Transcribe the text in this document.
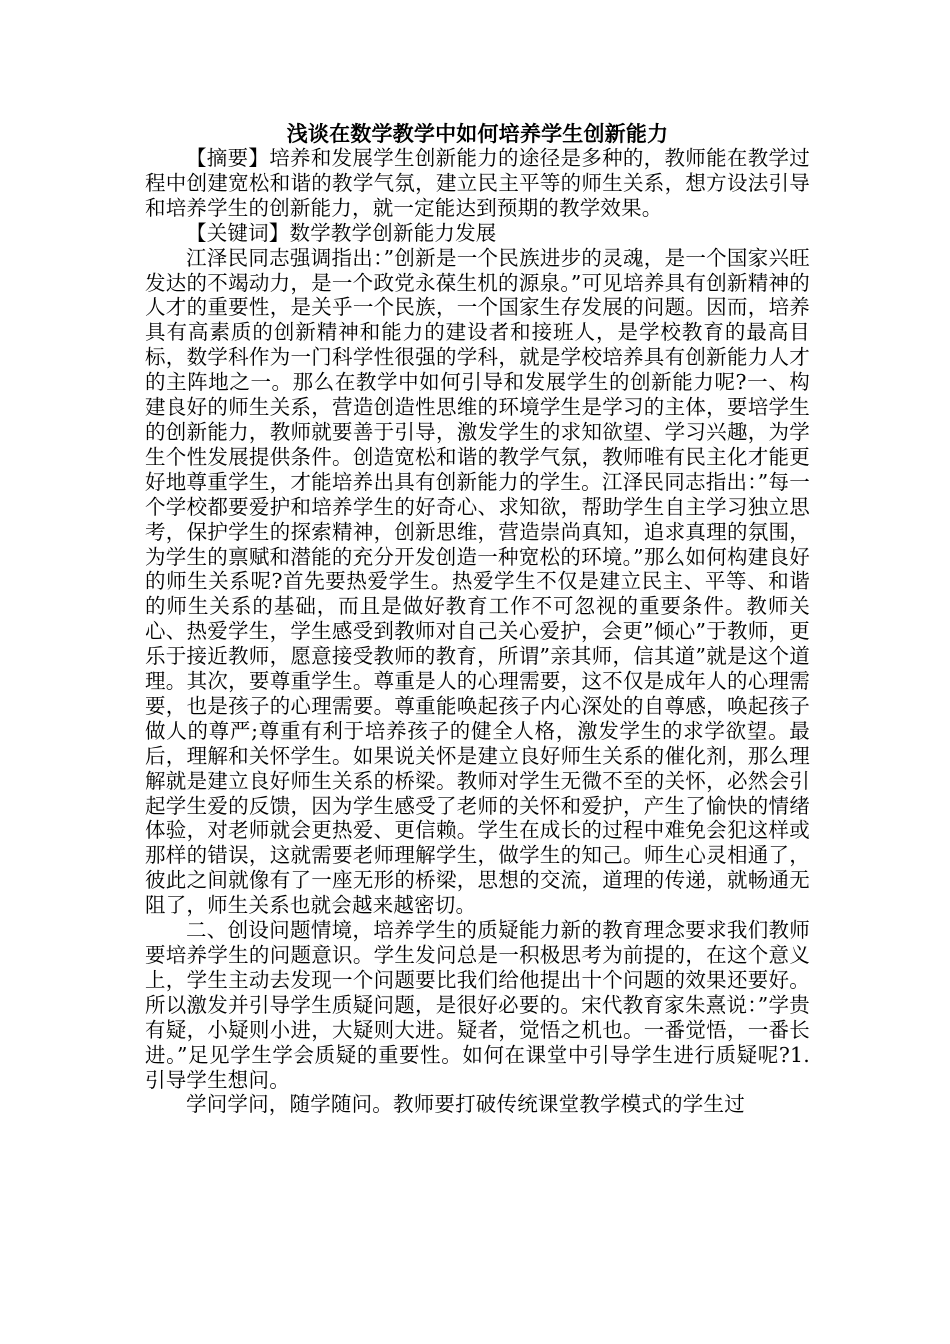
浅谈在数学教学中如何培养学生创新能力

【摘要】培养和发展学生创新能力的途径是多种的，教师能在教学过程中创建宽松和谐的教学气氛，建立民主平等的师生关系，想方设法引导和培养学生的创新能力，就一定能达到预期的教学效果。

【关键词】数学教学创新能力发展

江泽民同志强调指出：”创新是一个民族进步的灵魂，是一个国家兴旺发达的不竭动力，是一个政党永葆生机的源泉。”可见培养具有创新精神的人才的重要性，是关乎一个民族，一个国家生存发展的问题。因而，培养具有高素质的创新精神和能力的建设者和接班人，是学校教育的最高目标，数学科作为一门科学性很强的学科，就是学校培养具有创新能力人才的主阵地之一。那么在教学中如何引导和发展学生的创新能力呢?一、构建良好的师生关系，营造创造性思维的环境学生是学习的主体，要培学生的创新能力，教师就要善于引导，激发学生的求知欲望、学习兴趣，为学生个性发展提供条件。创造宽松和谐的教学气氛，教师唯有民主化才能更好地尊重学生，才能培养出具有创新能力的学生。江泽民同志指出：”每一个学校都要爱护和培养学生的好奇心、求知欲，帮助学生自主学习独立思考，保护学生的探索精神，创新思维，营造崇尚真知，追求真理的氛围，为学生的禀赋和潜能的充分开发创造一种宽松的环境。”那么如何构建良好的师生关系呢?首先要热爱学生。热爱学生不仅是建立民主、平等、和谐的师生关系的基础，而且是做好教育工作不可忽视的重要条件。教师关心、热爱学生，学生感受到教师对自己关心爱护，会更”倾心”于教师，更乐于接近教师，愿意接受教师的教育，所谓”亲其师，信其道”就是这个道理。其次，要尊重学生。尊重是人的心理需要，这不仅是成年人的心理需要，也是孩子的心理需要。尊重能唤起孩子内心深处的自尊感，唤起孩子做人的尊严;尊重有利于培养孩子的健全人格，激发学生的求学欲望。最后，理解和关怀学生。如果说关怀是建立良好师生关系的催化剂，那么理解就是建立良好师生关系的桥梁。教师对学生无微不至的关怀，必然会引起学生爱的反馈，因为学生感受了老师的关怀和爱护，产生了愉快的情绪体验，对老师就会更热爱、更信赖。学生在成长的过程中难免会犯这样或那样的错误，这就需要老师理解学生，做学生的知己。师生心灵相通了，彼此之间就像有了一座无形的桥梁，思想的交流，道理的传递，就畅通无阻了，师生关系也就会越来越密切。

二、创设问题情境，培养学生的质疑能力新的教育理念要求我们教师要培养学生的问题意识。学生发问总是一积极思考为前提的，在这个意义上，学生主动去发现一个问题要比我们给他提出十个问题的效果还要好。所以激发并引导学生质疑问题，是很好必要的。宋代教育家朱熹说：”学贵有疑，小疑则小进，大疑则大进。疑者，觉悟之机也。一番觉悟，一番长进。”足见学生学会质疑的重要性。如何在课堂中引导学生进行质疑呢?1.引导学生想问。

学问学问，随学随问。教师要打破传统课堂教学模式的学生过
